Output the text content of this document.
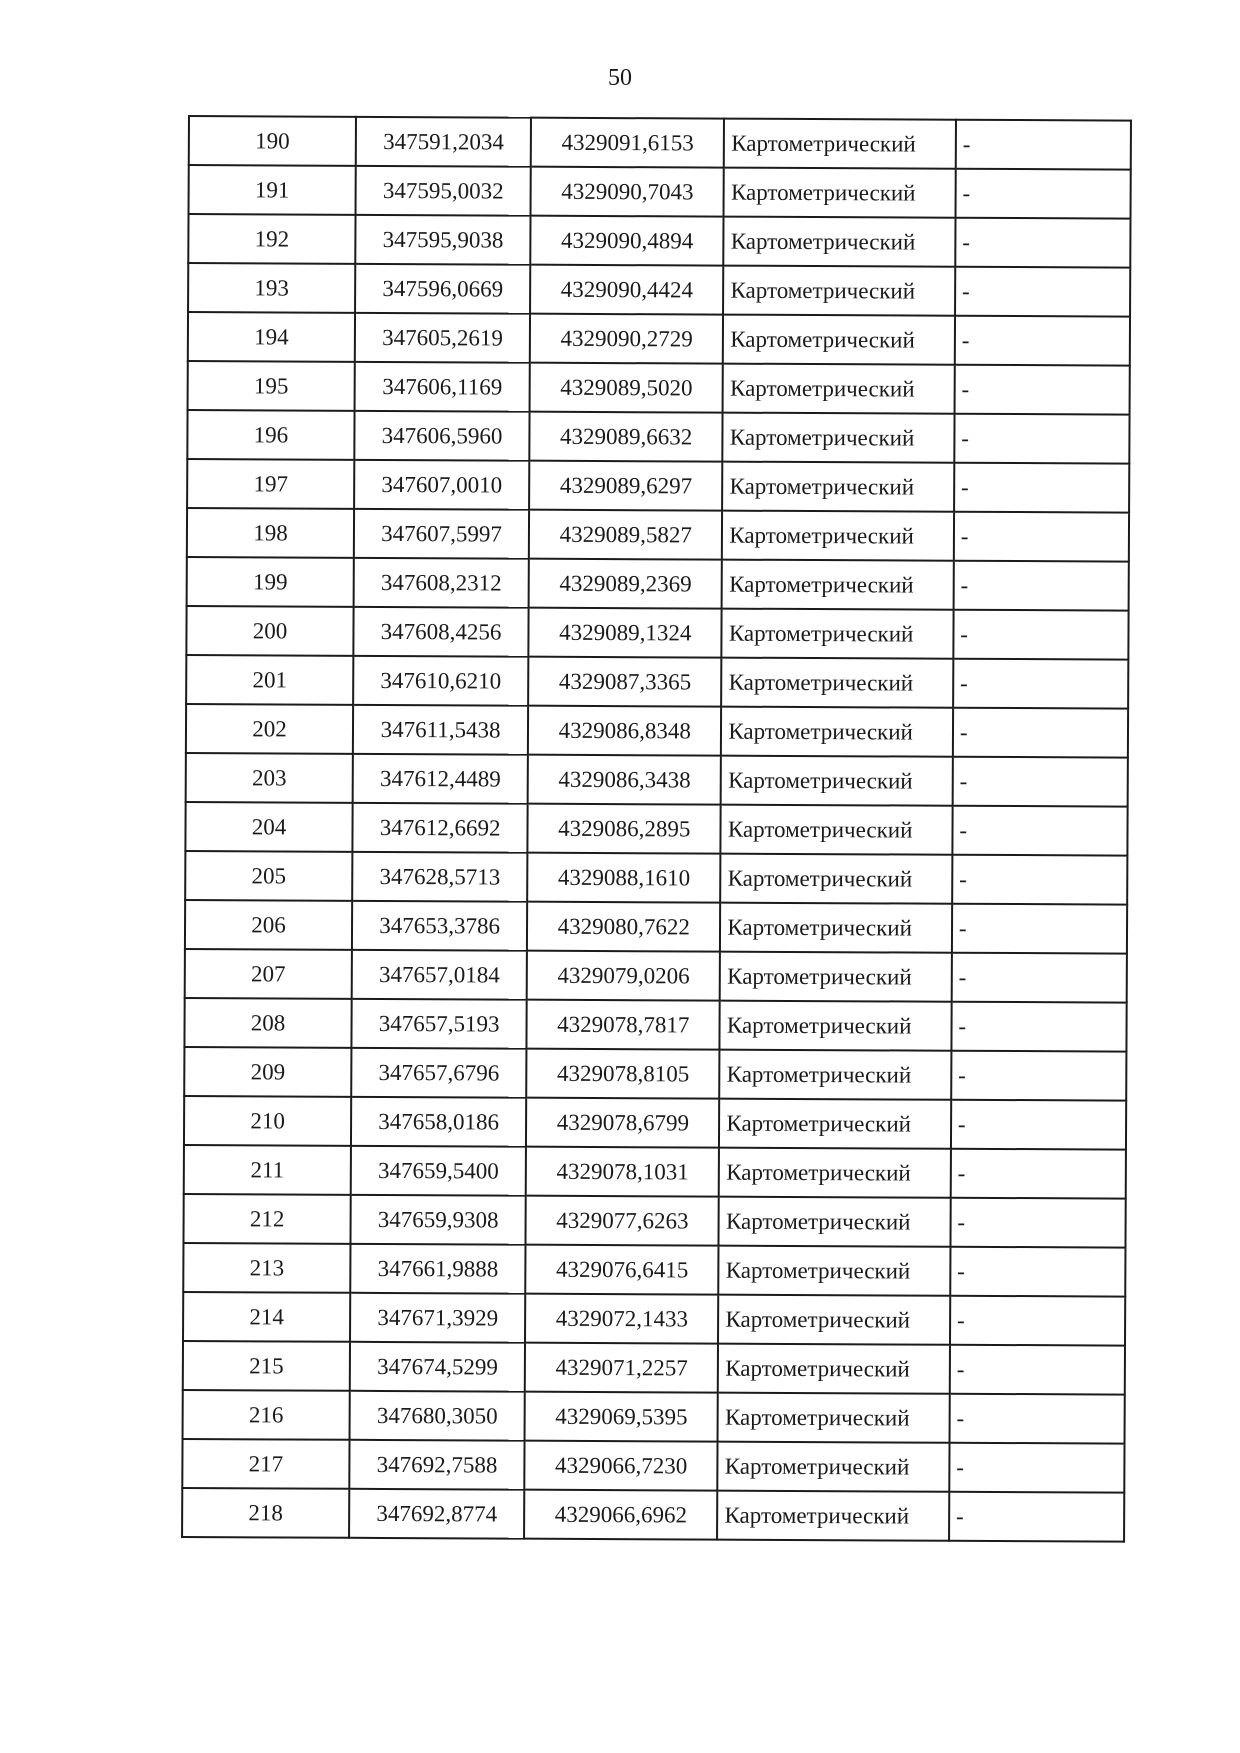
50
190	347591,2034	4329091,6153	Картометрический	-
191	347595,0032	4329090,7043	Картометрический	-
192	347595,9038	4329090,4894	Картометрический	-
193	347596,0669	4329090,4424	Картометрический	-
194	347605,2619	4329090,2729	Картометрический	-
195	347606,1169	4329089,5020	Картометрический	-
196	347606,5960	4329089,6632	Картометрический	-
197	347607,0010	4329089,6297	Картометрический	-
198	347607,5997	4329089,5827	Картометрический	-
199	347608,2312	4329089,2369	Картометрический	-
200	347608,4256	4329089,1324	Картометрический	-
201	347610,6210	4329087,3365	Картометрический	-
202	347611,5438	4329086,8348	Картометрический	-
203	347612,4489	4329086,3438	Картометрический	-
204	347612,6692	4329086,2895	Картометрический	-
205	347628,5713	4329088,1610	Картометрический	-
206	347653,3786	4329080,7622	Картометрический	-
207	347657,0184	4329079,0206	Картометрический	-
208	347657,5193	4329078,7817	Картометрический	-
209	347657,6796	4329078,8105	Картометрический	-
210	347658,0186	4329078,6799	Картометрический	-
211	347659,5400	4329078,1031	Картометрический	-
212	347659,9308	4329077,6263	Картометрический	-
213	347661,9888	4329076,6415	Картометрический	-
214	347671,3929	4329072,1433	Картометрический	-
215	347674,5299	4329071,2257	Картометрический	-
216	347680,3050	4329069,5395	Картометрический	-
217	347692,7588	4329066,7230	Картометрический	-
218	347692,8774	4329066,6962	Картометрический	-
